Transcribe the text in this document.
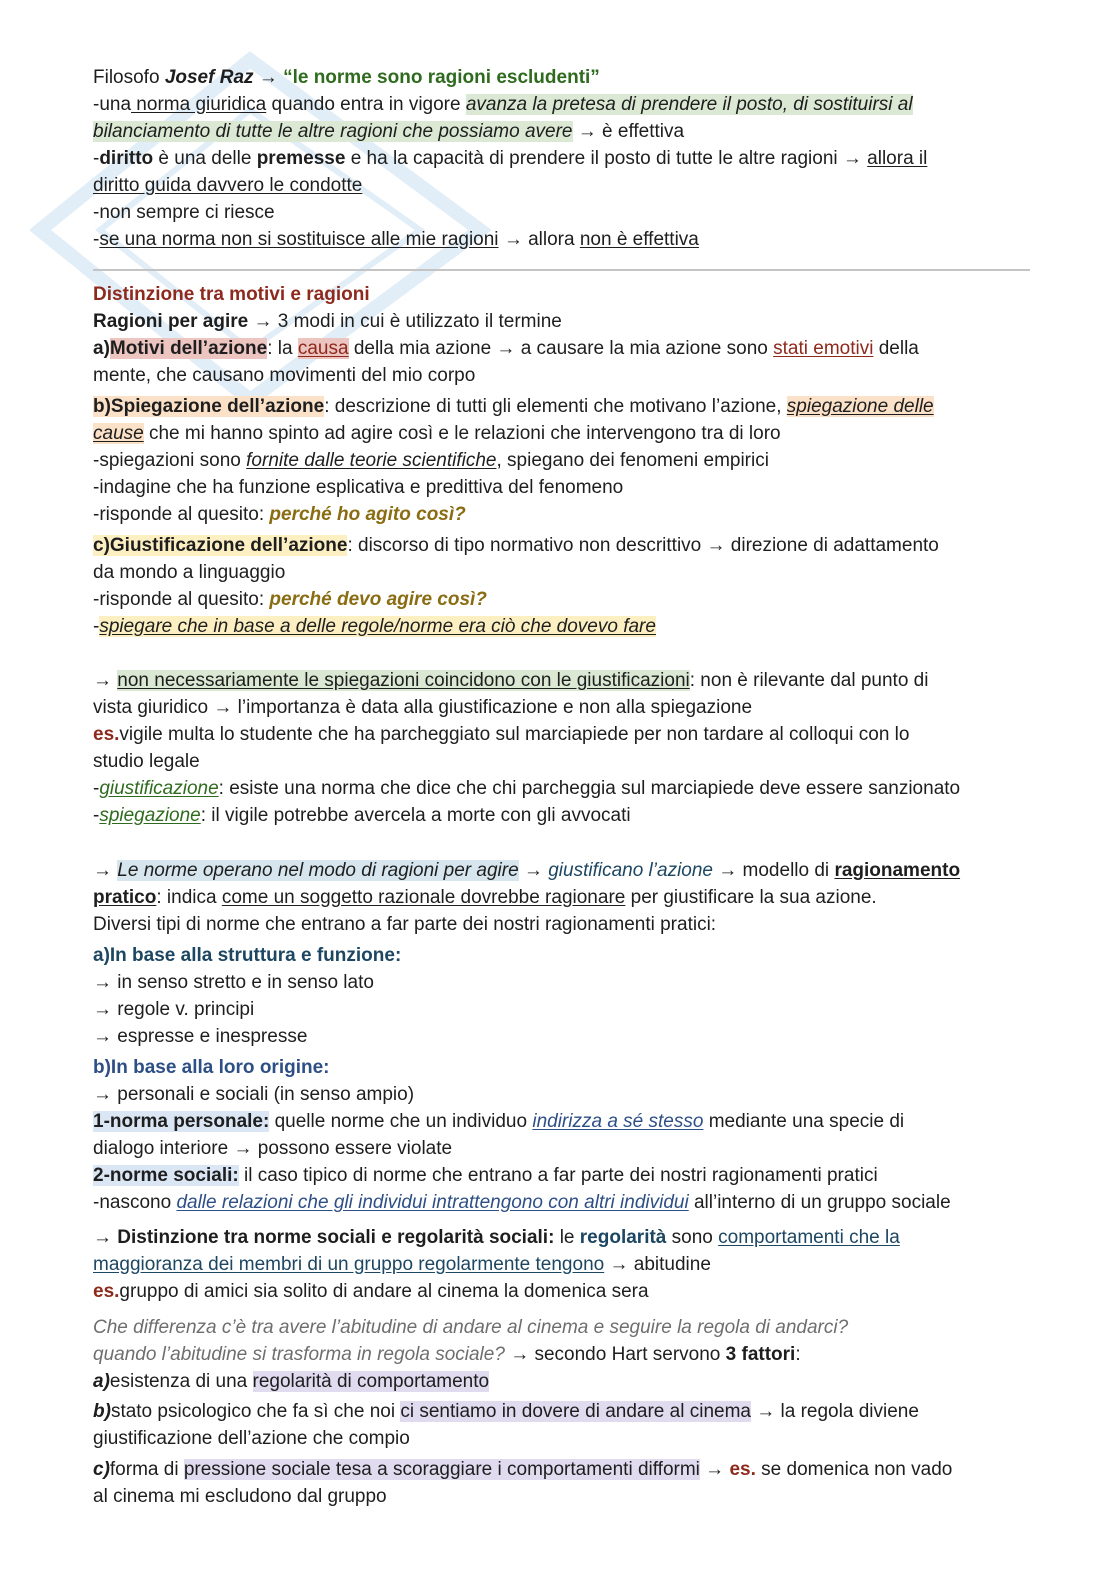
Filosofo Josef Raz → “le norme sono ragioni escludenti”
-una norma giuridica quando entra in vigore avanza la pretesa di prendere il posto, di sostituirsi al
bilanciamento di tutte le altre ragioni che possiamo avere → è effettiva
-diritto è una delle premesse e ha la capacità di prendere il posto di tutte le altre ragioni → allora il
diritto guida davvero le condotte
-non sempre ci riesce
-se una norma non si sostituisce alle mie ragioni → allora non è effettiva
Distinzione tra motivi e ragioni
Ragioni per agire → 3 modi in cui è utilizzato il termine
a)Motivi dell’azione: la causa della mia azione → a causare la mia azione sono stati emotivi della
mente, che causano movimenti del mio corpo
b)Spiegazione dell’azione: descrizione di tutti gli elementi che motivano l’azione, spiegazione delle
cause che mi hanno spinto ad agire così e le relazioni che intervengono tra di loro
-spiegazioni sono fornite dalle teorie scientifiche, spiegano dei fenomeni empirici
-indagine che ha funzione esplicativa e predittiva del fenomeno
-risponde al quesito: perché ho agito così?
c)Giustificazione dell’azione: discorso di tipo normativo non descrittivo → direzione di adattamento
da mondo a linguaggio
-risponde al quesito: perché devo agire così?
-spiegare che in base a delle regole/norme era ciò che dovevo fare
→ non necessariamente le spiegazioni coincidono con le giustificazioni: non è rilevante dal punto di
vista giuridico → l’importanza è data alla giustificazione e non alla spiegazione
es.vigile multa lo studente che ha parcheggiato sul marciapiede per non tardare al colloqui con lo
studio legale
-giustificazione: esiste una norma che dice che chi parcheggia sul marciapiede deve essere sanzionato
-spiegazione: il vigile potrebbe avercela a morte con gli avvocati
→ Le norme operano nel modo di ragioni per agire → giustificano l’azione → modello di ragionamento
pratico: indica come un soggetto razionale dovrebbe ragionare per giustificare la sua azione.
Diversi tipi di norme che entrano a far parte dei nostri ragionamenti pratici:
a)In base alla struttura e funzione:
→ in senso stretto e in senso lato
→ regole v. principi
→ espresse e inespresse
b)In base alla loro origine:
→ personali e sociali (in senso ampio)
1-norma personale: quelle norme che un individuo indirizza a sé stesso mediante una specie di
dialogo interiore → possono essere violate
2-norme sociali: il caso tipico di norme che entrano a far parte dei nostri ragionamenti pratici
-nascono dalle relazioni che gli individui intrattengono con altri individui all’interno di un gruppo sociale
→ Distinzione tra norme sociali e regolarità sociali: le regolarità sono comportamenti che la
maggioranza dei membri di un gruppo regolarmente tengono → abitudine
es.gruppo di amici sia solito di andare al cinema la domenica sera
Che differenza c’è tra avere l’abitudine di andare al cinema e seguire la regola di andarci?
quando l’abitudine si trasforma in regola sociale? → secondo Hart servono 3 fattori:
a)esistenza di una regolarità di comportamento
b)stato psicologico che fa sì che noi ci sentiamo in dovere di andare al cinema → la regola diviene
giustificazione dell’azione che compio
c)forma di pressione sociale tesa a scoraggiare i comportamenti difformi → es. se domenica non vado
al cinema mi escludono dal gruppo
